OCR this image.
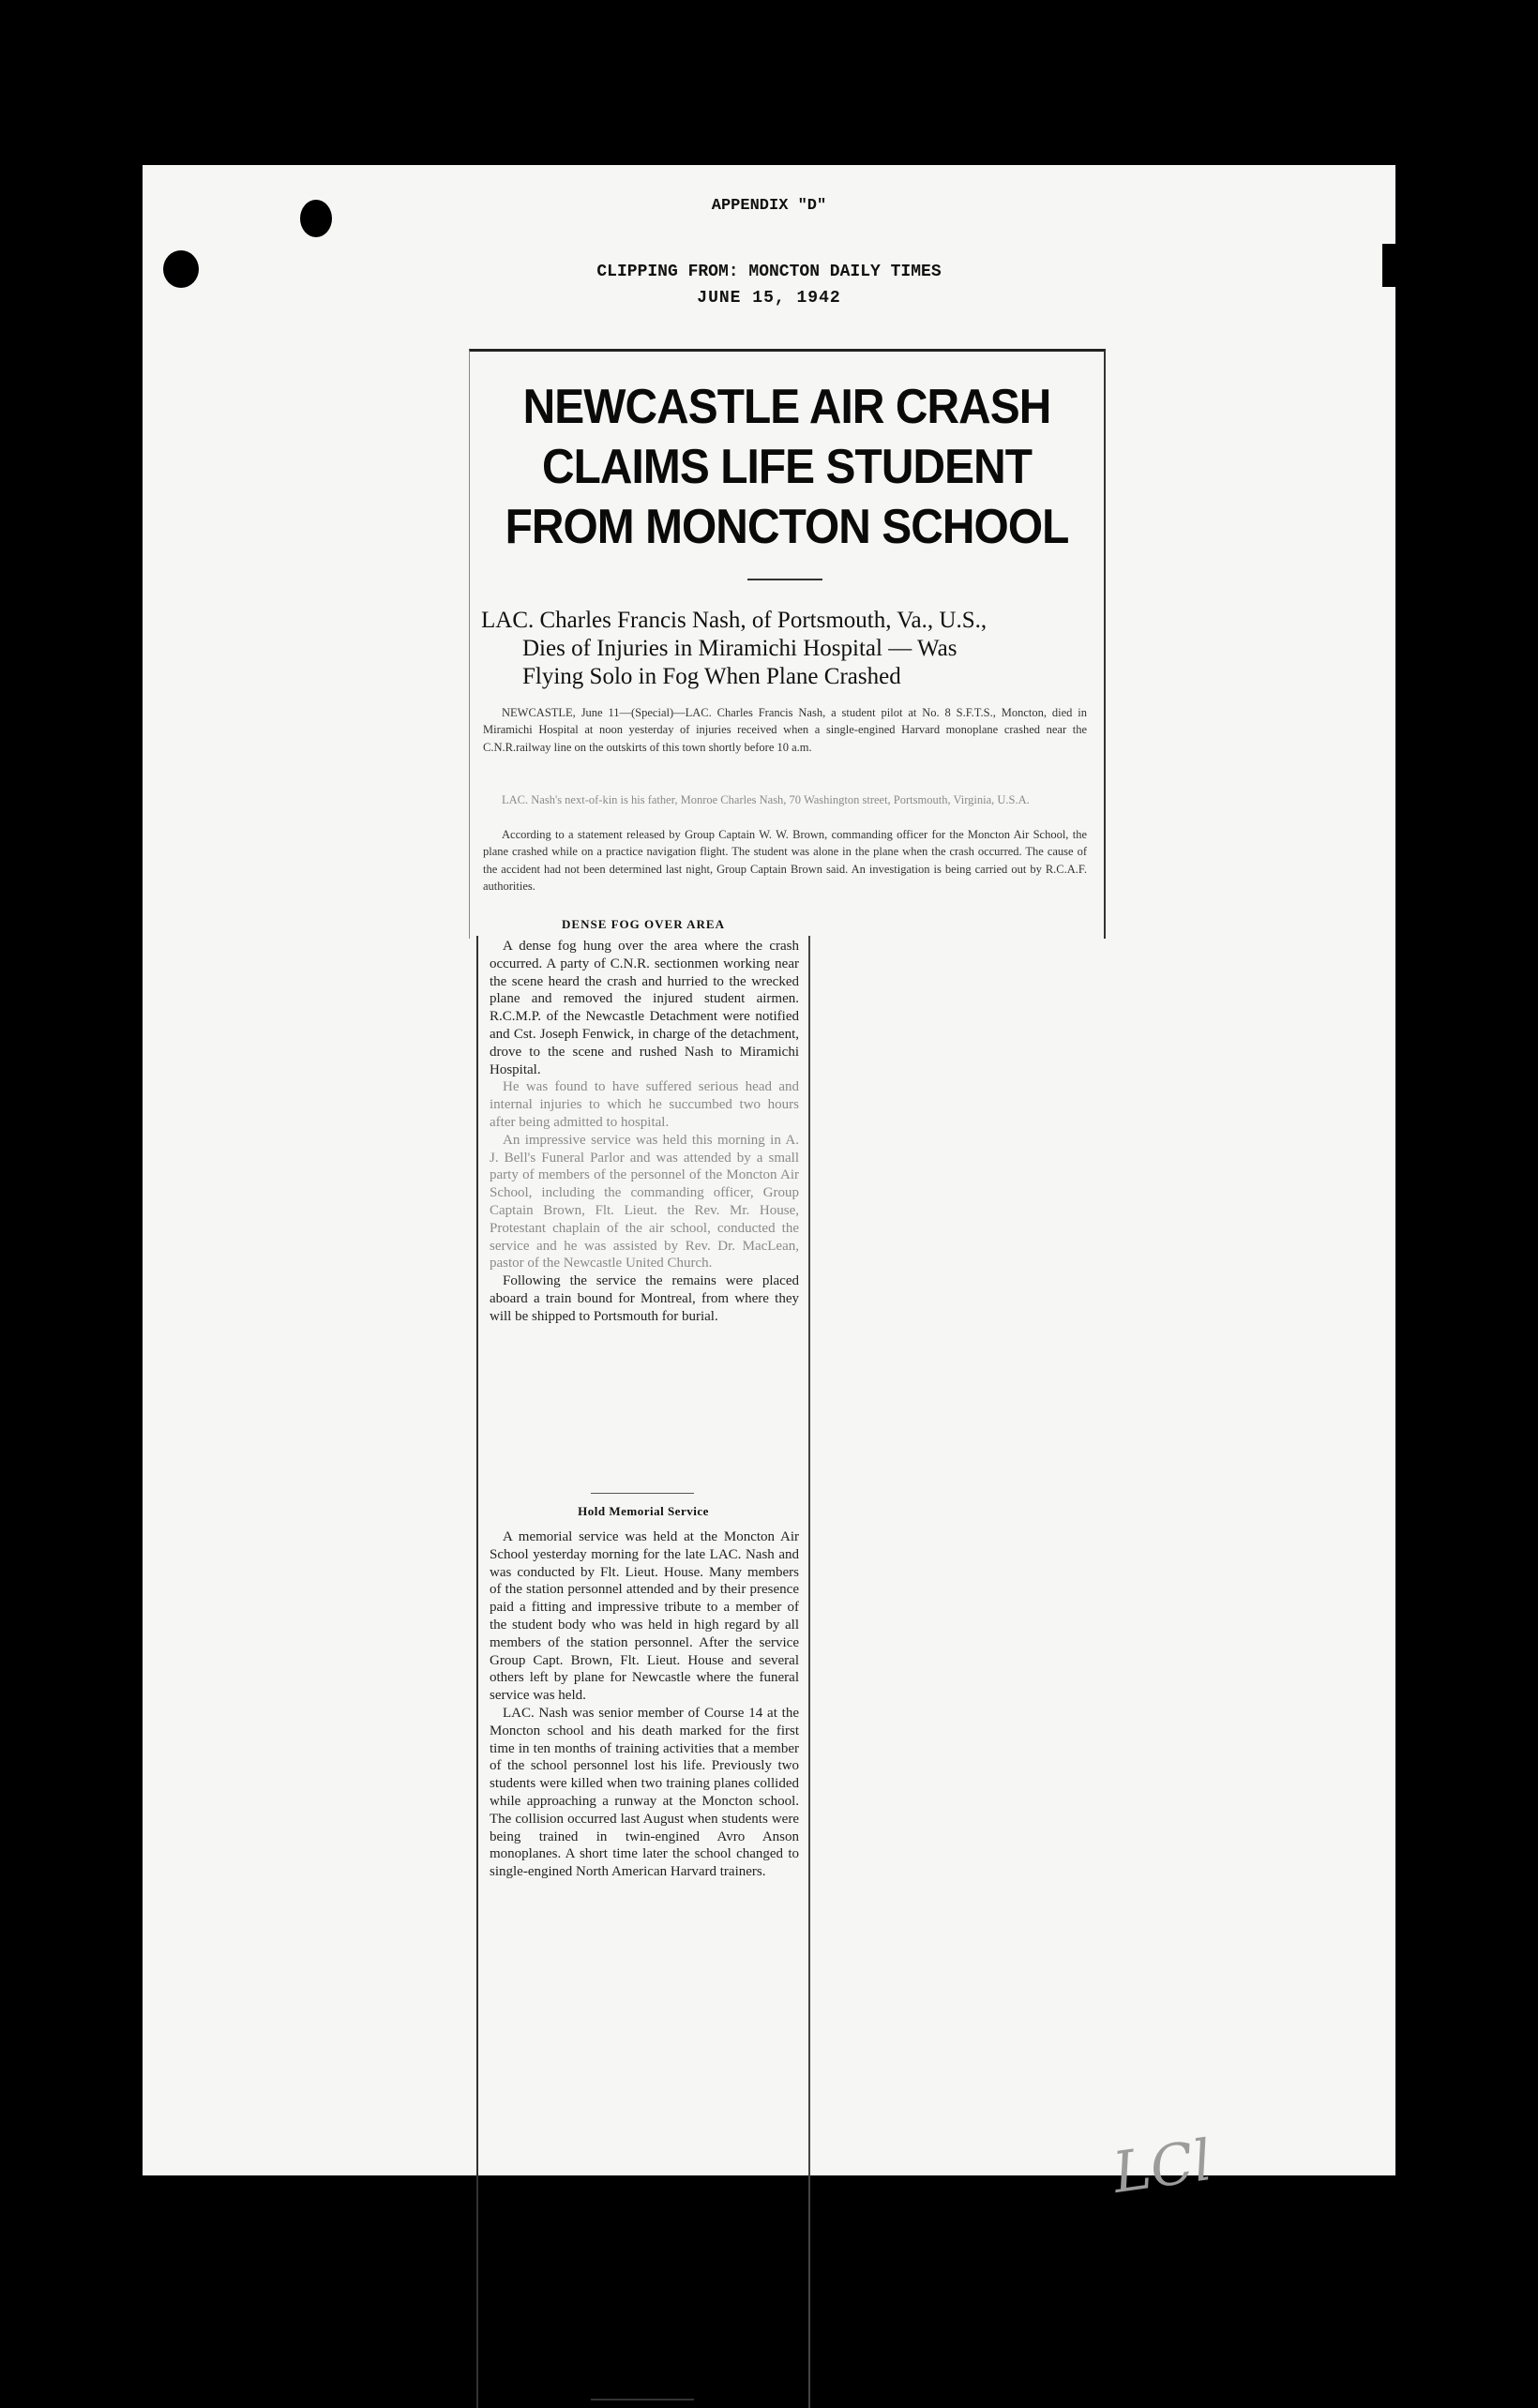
APPENDIX "D"
CLIPPING FROM: MONCTON DAILY TIMES
JUNE 15, 1942
LCl
NEWCASTLE AIR CRASH
CLAIMS LIFE STUDENT
FROM MONCTON SCHOOL
LAC. Charles Francis Nash, of Portsmouth, Va., U.S.,
Dies of Injuries in Miramichi Hospital — Was
Flying Solo in Fog When Plane Crashed
NEWCASTLE, June 11—(Special)—LAC. Charles Francis Nash, a student pilot at No. 8 S.F.T.S., Moncton, died in Miramichi Hospital at noon yesterday of injuries received when a single-engined Harvard monoplane crashed near the C.N.R.railway line on the outskirts of this town shortly before 10 a.m.
LAC. Nash's next-of-kin is his father, Monroe Charles Nash, 70 Washington street, Portsmouth, Virginia, U.S.A.
According to a statement released by Group Captain W. W. Brown, commanding officer for the Moncton Air School, the plane crashed while on a practice navigation flight. The student was alone in the plane when the crash occurred. The cause of the accident had not been determined last night, Group Captain Brown said. An investigation is being carried out by R.C.A.F. authorities.
DENSE FOG OVER AREA

A dense fog hung over the area where the crash occurred. A party of C.N.R. sectionmen working near the scene heard the crash and hurried to the wrecked plane and removed the injured student airmen. R.C.M.P. of the Newcastle Detachment were notified and Cst. Joseph Fenwick, in charge of the detachment, drove to the scene and rushed Nash to Miramichi Hospital.

He was found to have suffered serious head and internal injuries to which he succumbed two hours after being admitted to hospital.

An impressive service was held this morning in A. J. Bell's Funeral Parlor and was attended by a small party of members of the personnel of the Moncton Air School, including the commanding officer, Group Captain Brown, Flt. Lieut. the Rev. Mr. House, Protestant chaplain of the air school, conducted the service and he was assisted by Rev. Dr. MacLean, pastor of the Newcastle United Church.

Following the service the remains were placed aboard a train bound for Montreal, from where they will be shipped to Portsmouth for burial.

Hold Memorial Service

A memorial service was held at the Moncton Air School yesterday morning for the late LAC. Nash and was conducted by Flt. Lieut. House. Many members of the station personnel attended and by their presence paid a fitting and impressive tribute to a member of the student body who was held in high regard by all members of the station personnel. After the service Group Capt. Brown, Flt. Lieut. House and several others left by plane for Newcastle where the funeral service was held.

LAC. Nash was senior member of Course 14 at the Moncton school and his death marked for the first time in ten months of training activities that a member of the school personnel lost his life. Previously two students were killed when two training planes collided while approaching a runway at the Moncton school. The collision occurred last August when students were being trained in twin-engined Avro Anson monoplanes. A short time later the school changed to single-engined North American Harvard trainers.
